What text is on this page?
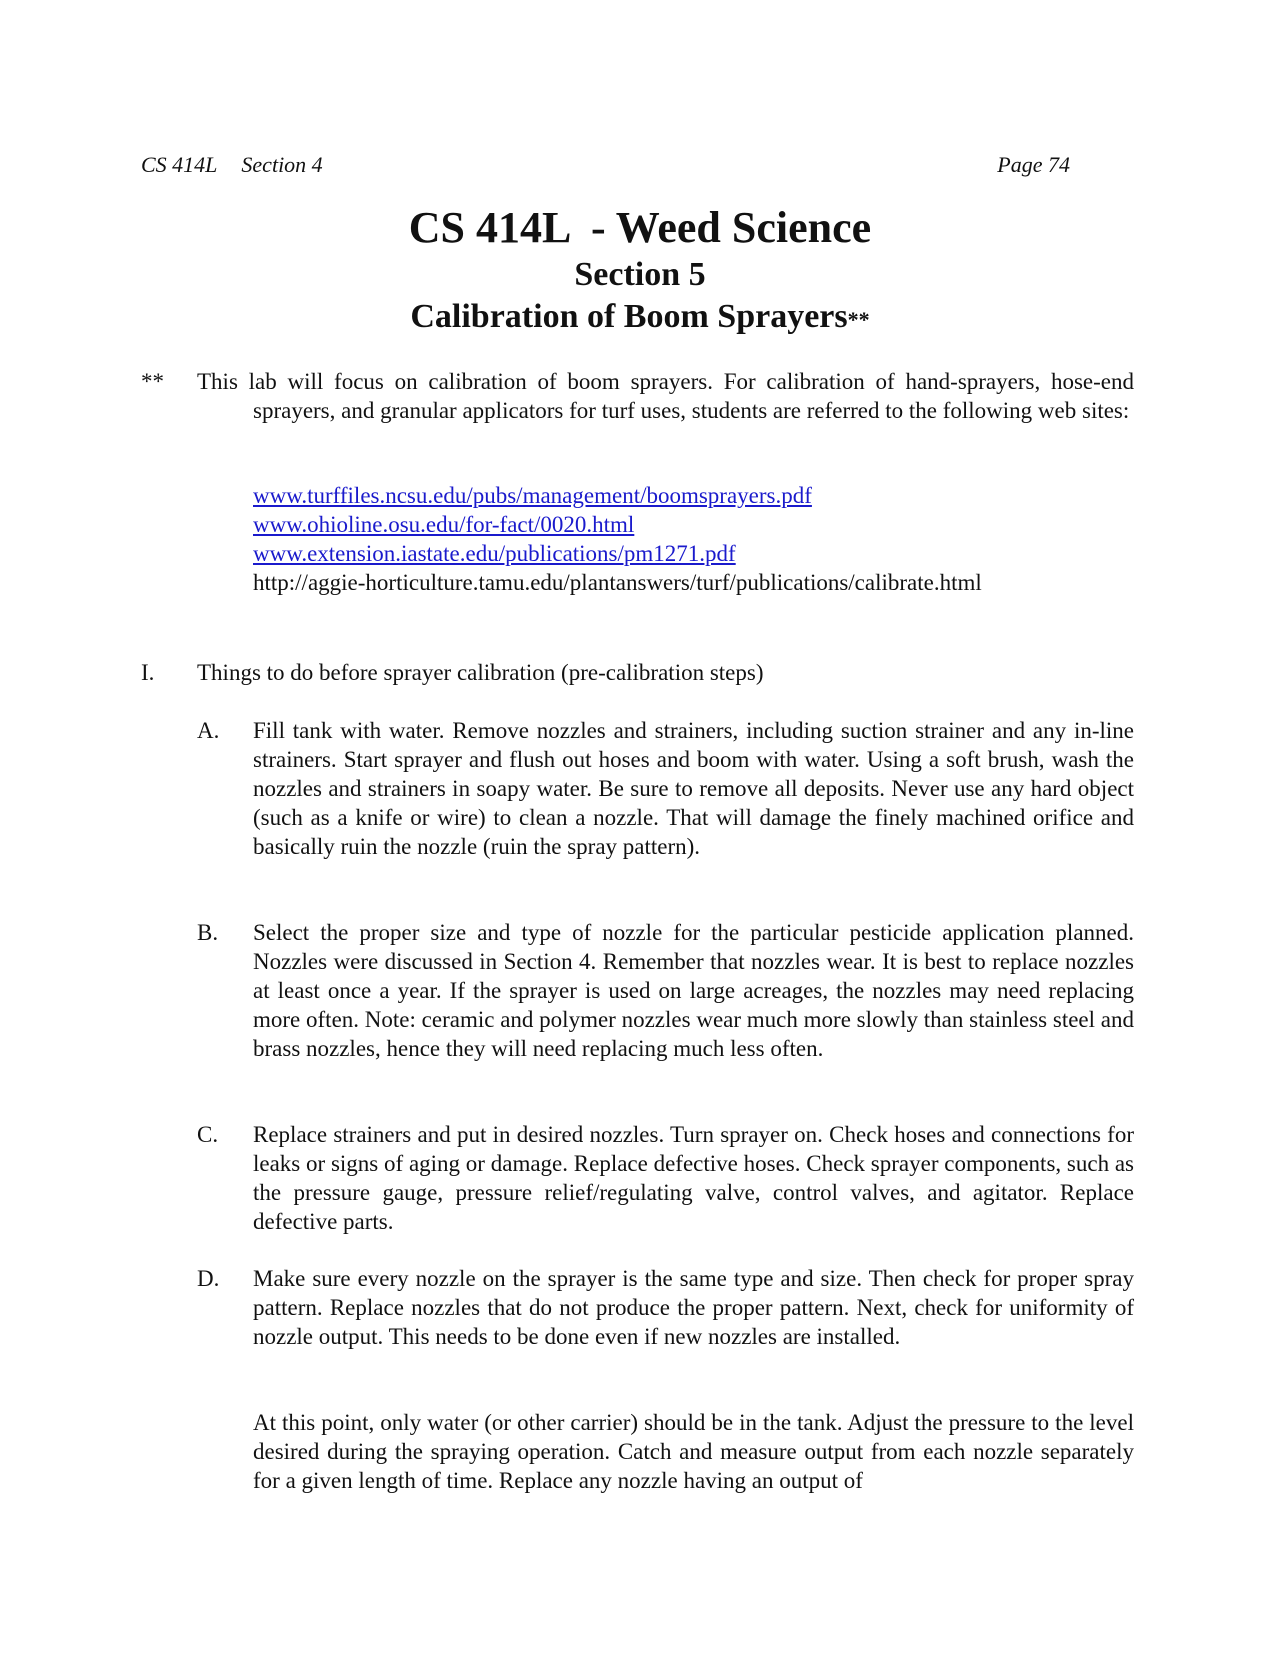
CS 414L Section 4	Page 74
CS 414L  - Weed Science
Section 5
Calibration of Boom Sprayers**
** This lab will focus on calibration of boom sprayers. For calibration of hand-sprayers, hose-end sprayers, and granular applicators for turf uses, students are referred to the following web sites:
www.turffiles.ncsu.edu/pubs/management/boomsprayers.pdf
www.ohioline.osu.edu/for-fact/0020.html
www.extension.iastate.edu/publications/pm1271.pdf
http://aggie-horticulture.tamu.edu/plantanswers/turf/publications/calibrate.html
I. Things to do before sprayer calibration (pre-calibration steps)
A. Fill tank with water. Remove nozzles and strainers, including suction strainer and any in-line strainers. Start sprayer and flush out hoses and boom with water. Using a soft brush, wash the nozzles and strainers in soapy water. Be sure to remove all deposits. Never use any hard object (such as a knife or wire) to clean a nozzle. That will damage the finely machined orifice and basically ruin the nozzle (ruin the spray pattern).
B. Select the proper size and type of nozzle for the particular pesticide application planned. Nozzles were discussed in Section 4. Remember that nozzles wear. It is best to replace nozzles at least once a year. If the sprayer is used on large acreages, the nozzles may need replacing more often. Note: ceramic and polymer nozzles wear much more slowly than stainless steel and brass nozzles, hence they will need replacing much less often.
C. Replace strainers and put in desired nozzles. Turn sprayer on. Check hoses and connections for leaks or signs of aging or damage. Replace defective hoses. Check sprayer components, such as the pressure gauge, pressure relief/regulating valve, control valves, and agitator. Replace defective parts.
D. Make sure every nozzle on the sprayer is the same type and size. Then check for proper spray pattern. Replace nozzles that do not produce the proper pattern. Next, check for uniformity of nozzle output. This needs to be done even if new nozzles are installed.
At this point, only water (or other carrier) should be in the tank. Adjust the pressure to the level desired during the spraying operation. Catch and measure output from each nozzle separately for a given length of time. Replace any nozzle having an output of
